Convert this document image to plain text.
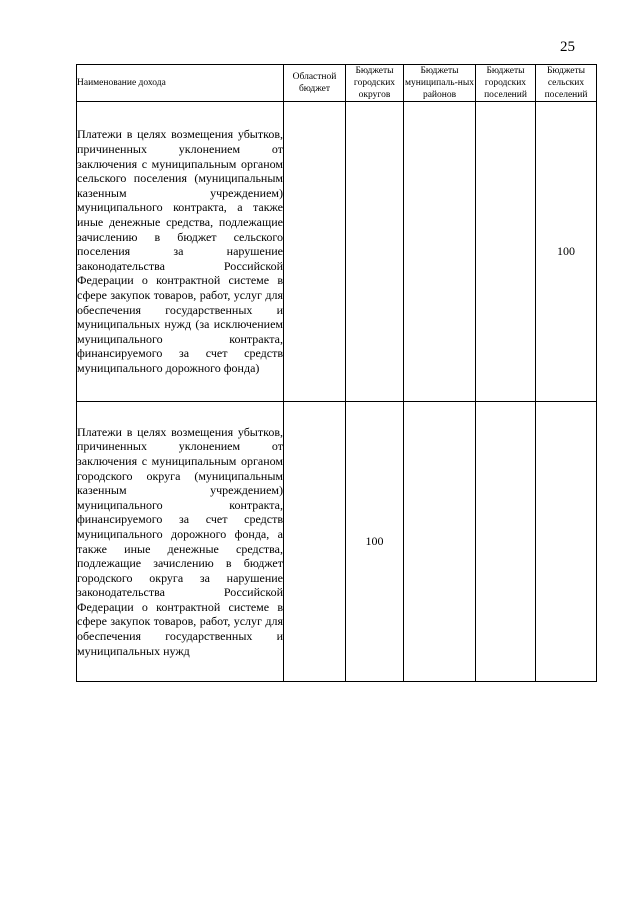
25
Наименование дохода	Областной бюджет	Бюджеты городских округов	Бюджеты муниципаль-ных районов	Бюджеты городских поселений	Бюджеты сельских поселений
Платежи в целях возмещения убытков, причиненных уклонением от заключения с муниципальным органом сельского поселения (муниципальным казенным учреждением) муниципального контракта, а также иные денежные средства, подлежащие зачислению в бюджет сельского поселения за нарушение законодательства Российской Федерации о контрактной системе в сфере закупок товаров, работ, услуг для обеспечения государственных и муниципальных нужд (за исключением муниципального контракта, финансируемого за счет средств муниципального дорожного фонда)					100
Платежи в целях возмещения убытков, причиненных уклонением от заключения с муниципальным органом городского округа (муниципальным казенным учреждением) муниципального контракта, финансируемого за счет средств муниципального дорожного фонда, а также иные денежные средства, подлежащие зачислению в бюджет городского округа за нарушение законодательства Российской Федерации о контрактной системе в сфере закупок товаров, работ, услуг для обеспечения государственных и муниципальных нужд		100			
